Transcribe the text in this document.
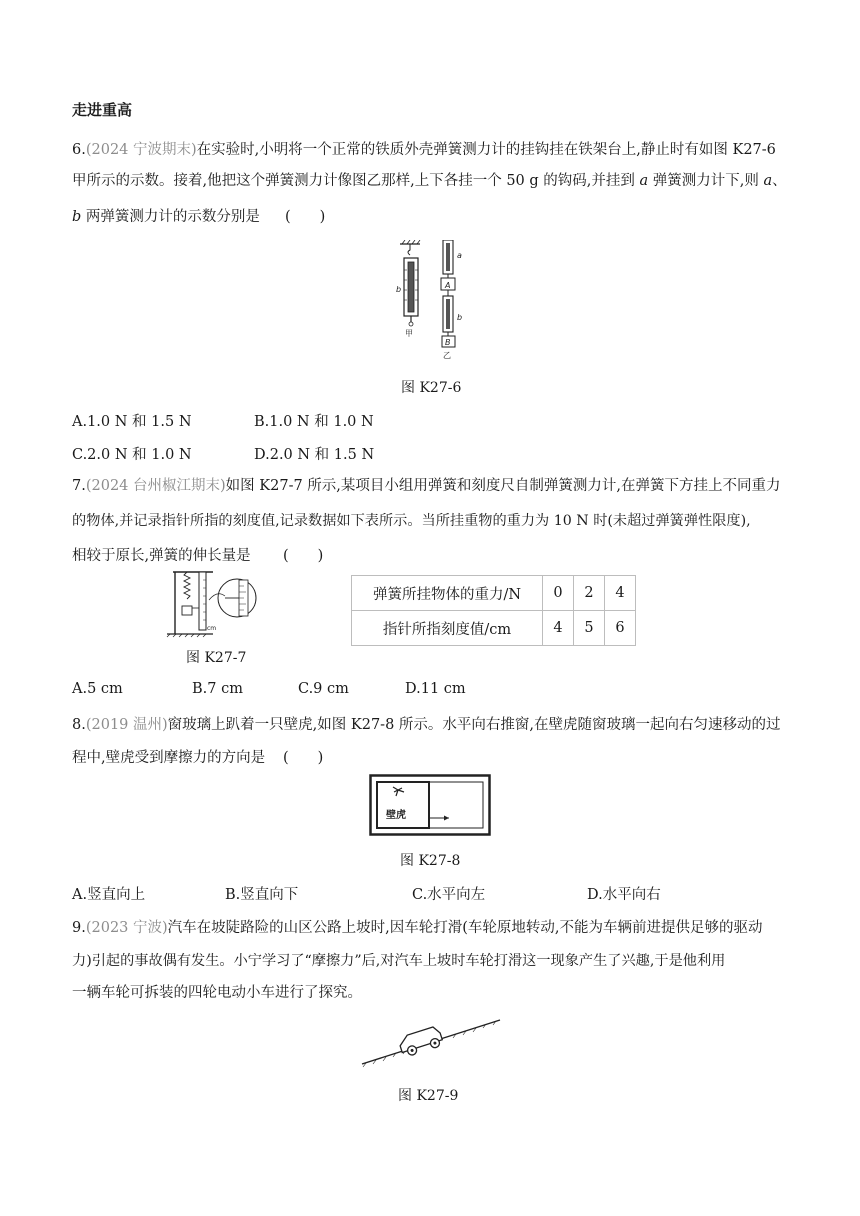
走进重高
6.(2024 宁波期末)在实验时,小明将一个正常的铁质外壳弹簧测力计的挂钩挂在铁架台上,静止时有如图 K27-6
甲所示的示数。接着,他把这个弹簧测力计像图乙那样,上下各挂一个 50 g 的钩码,并挂到 a 弹簧测力计下,则 a、
b 两弹簧测力计的示数分别是 (　　)
b
甲
A
B
a
b
乙
图 K27-6
A.1.0 N 和 1.5 N	B.1.0 N 和 1.0 N
C.2.0 N 和 1.0 N	D.2.0 N 和 1.5 N
7.(2024 台州椒江期末)如图 K27-7 所示,某项目小组用弹簧和刻度尺自制弹簧测力计,在弹簧下方挂上不同重力
的物体,并记录指针所指的刻度值,记录数据如下表所示。当所挂重物的重力为 10 N 时(未超过弹簧弹性限度),
相较于原长,弹簧的伸长量是 (　　)
cm
图 K27-7
弹簧所挂物体的重力/N	0	2	4
指针所指刻度值/cm	4	5	6
A.5 cm	B.7 cm	C.9 cm	D.11 cm
8.(2019 温州)窗玻璃上趴着一只壁虎,如图 K27-8 所示。水平向右推窗,在壁虎随窗玻璃一起向右匀速移动的过
程中,壁虎受到摩擦力的方向是 (　　)
壁虎
图 K27-8
A.竖直向上	B.竖直向下	C.水平向左	D.水平向右
9.(2023 宁波)汽车在坡陡路险的山区公路上坡时,因车轮打滑(车轮原地转动,不能为车辆前进提供足够的驱动
力)引起的事故偶有发生。小宁学习了“摩擦力”后,对汽车上坡时车轮打滑这一现象产生了兴趣,于是他利用
一辆车轮可拆装的四轮电动小车进行了探究。
图 K27-9
